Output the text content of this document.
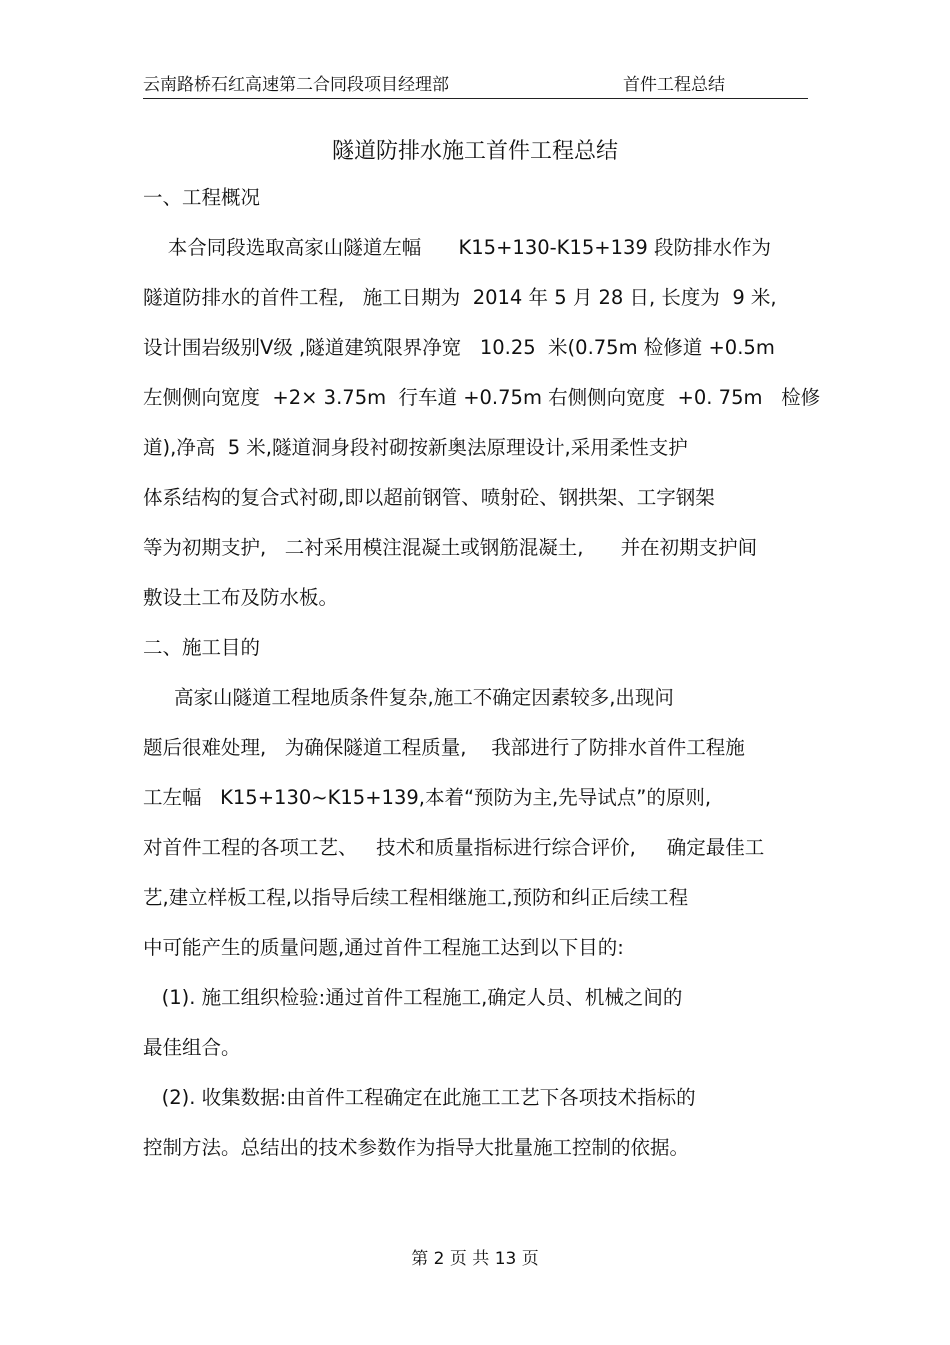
云南路桥石红高速第二合同段项目经理部	首件工程总结
隧道防排水施工首件工程总结
一、工程概况
本合同段选取高家山隧道左幅      K15+130-K15+139 段防排水作为
隧道防排水的首件工程,   施工日期为  2014 年 5 月 28 日, 长度为  9 米,
设计围岩级别Ⅴ级 ,隧道建筑限界净宽   10.25  米(0.75m 检修道 +0.5m
左侧侧向宽度  +2× 3.75m  行车道 +0.75m 右侧侧向宽度  +0. 75m   检修
道),净高  5 米,隧道洞身段衬砌按新奥法原理设计,采用柔性支护
体系结构的复合式衬砌,即以超前钢管、喷射砼、钢拱架、工字钢架
等为初期支护,   二衬采用模注混凝土或钢筋混凝土,      并在初期支护间
敷设土工布及防水板。
二、施工目的
高家山隧道工程地质条件复杂,施工不确定因素较多,出现问
题后很难处理,   为确保隧道工程质量,    我部进行了防排水首件工程施
工左幅   K15+130~K15+139,本着“预防为主,先导试点”的原则,
对首件工程的各项工艺、   技术和质量指标进行综合评价,     确定最佳工
艺,建立样板工程,以指导后续工程相继施工,预防和纠正后续工程
中可能产生的质量问题,通过首件工程施工达到以下目的:
(1). 施工组织检验:通过首件工程施工,确定人员、机械之间的
最佳组合。
(2). 收集数据:由首件工程确定在此施工工艺下各项技术指标的
控制方法。总结出的技术参数作为指导大批量施工控制的依据。
第 2 页 共 13 页
